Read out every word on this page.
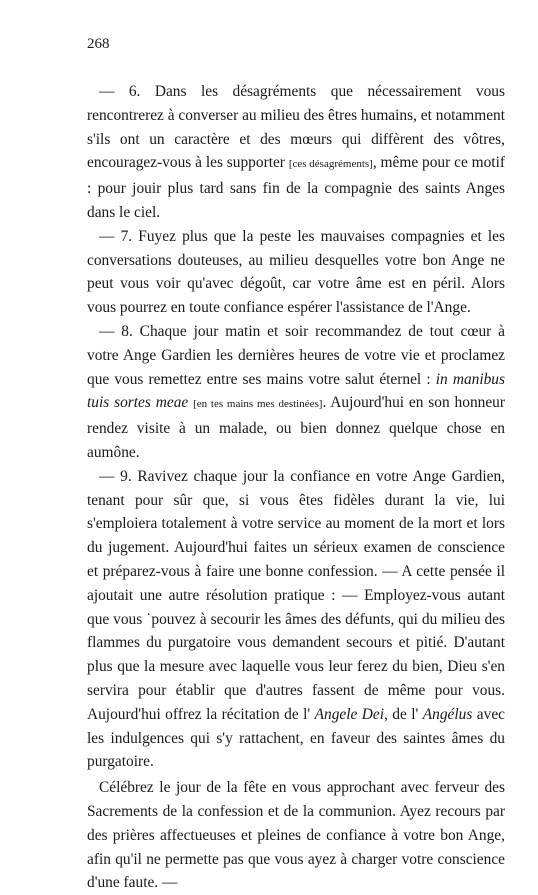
268

— 6. Dans les désagréments que nécessairement vous rencontrerez à converser au milieu des êtres humains, et notamment s'ils ont un caractère et des mœurs qui diffèrent des vôtres, encouragez-vous à les supporter [ces désagréments], même pour ce motif : pour jouir plus tard sans fin de la compagnie des saints Anges dans le ciel.

— 7. Fuyez plus que la peste les mauvaises compagnies et les conversations douteuses, au milieu desquelles votre bon Ange ne peut vous voir qu'avec dégoût, car votre âme est en péril. Alors vous pourrez en toute confiance espérer l'assistance de l'Ange.

— 8. Chaque jour matin et soir recommandez de tout cœur à votre Ange Gardien les dernières heures de votre vie et proclamez que vous remettez entre ses mains votre salut éternel : in manibus tuis sortes meae [en tes mains mes destinées]. Aujourd'hui en son honneur rendez visite à un malade, ou bien donnez quelque chose en aumône.

— 9. Ravivez chaque jour la confiance en votre Ange Gardien, tenant pour sûr que, si vous êtes fidèles durant la vie, lui s'emploiera totalement à votre service au moment de la mort et lors du jugement. Aujourd'hui faites un sérieux examen de conscience et préparez-vous à faire une bonne confession. — A cette pensée il ajoutait une autre résolution pratique : — Employez-vous autant que vous ˙pouvez à secourir les âmes des défunts, qui du milieu des flammes du purgatoire vous demandent secours et pitié. D'autant plus que la mesure avec laquelle vous leur ferez du bien, Dieu s'en servira pour établir que d'autres fassent de même pour vous. Aujourd'hui offrez la récitation de l' Angele Dei, de l' Angélus avec les indulgences qui s'y rattachent, en faveur des saintes âmes du purgatoire.

Célébrez le jour de la fête en vous approchant avec ferveur des Sacrements de la confession et de la communion. Ayez recours par des prières affectueuses et pleines de confiance à votre bon Ange, afin qu'il ne permette pas que vous ayez à charger votre conscience d'une faute. —
